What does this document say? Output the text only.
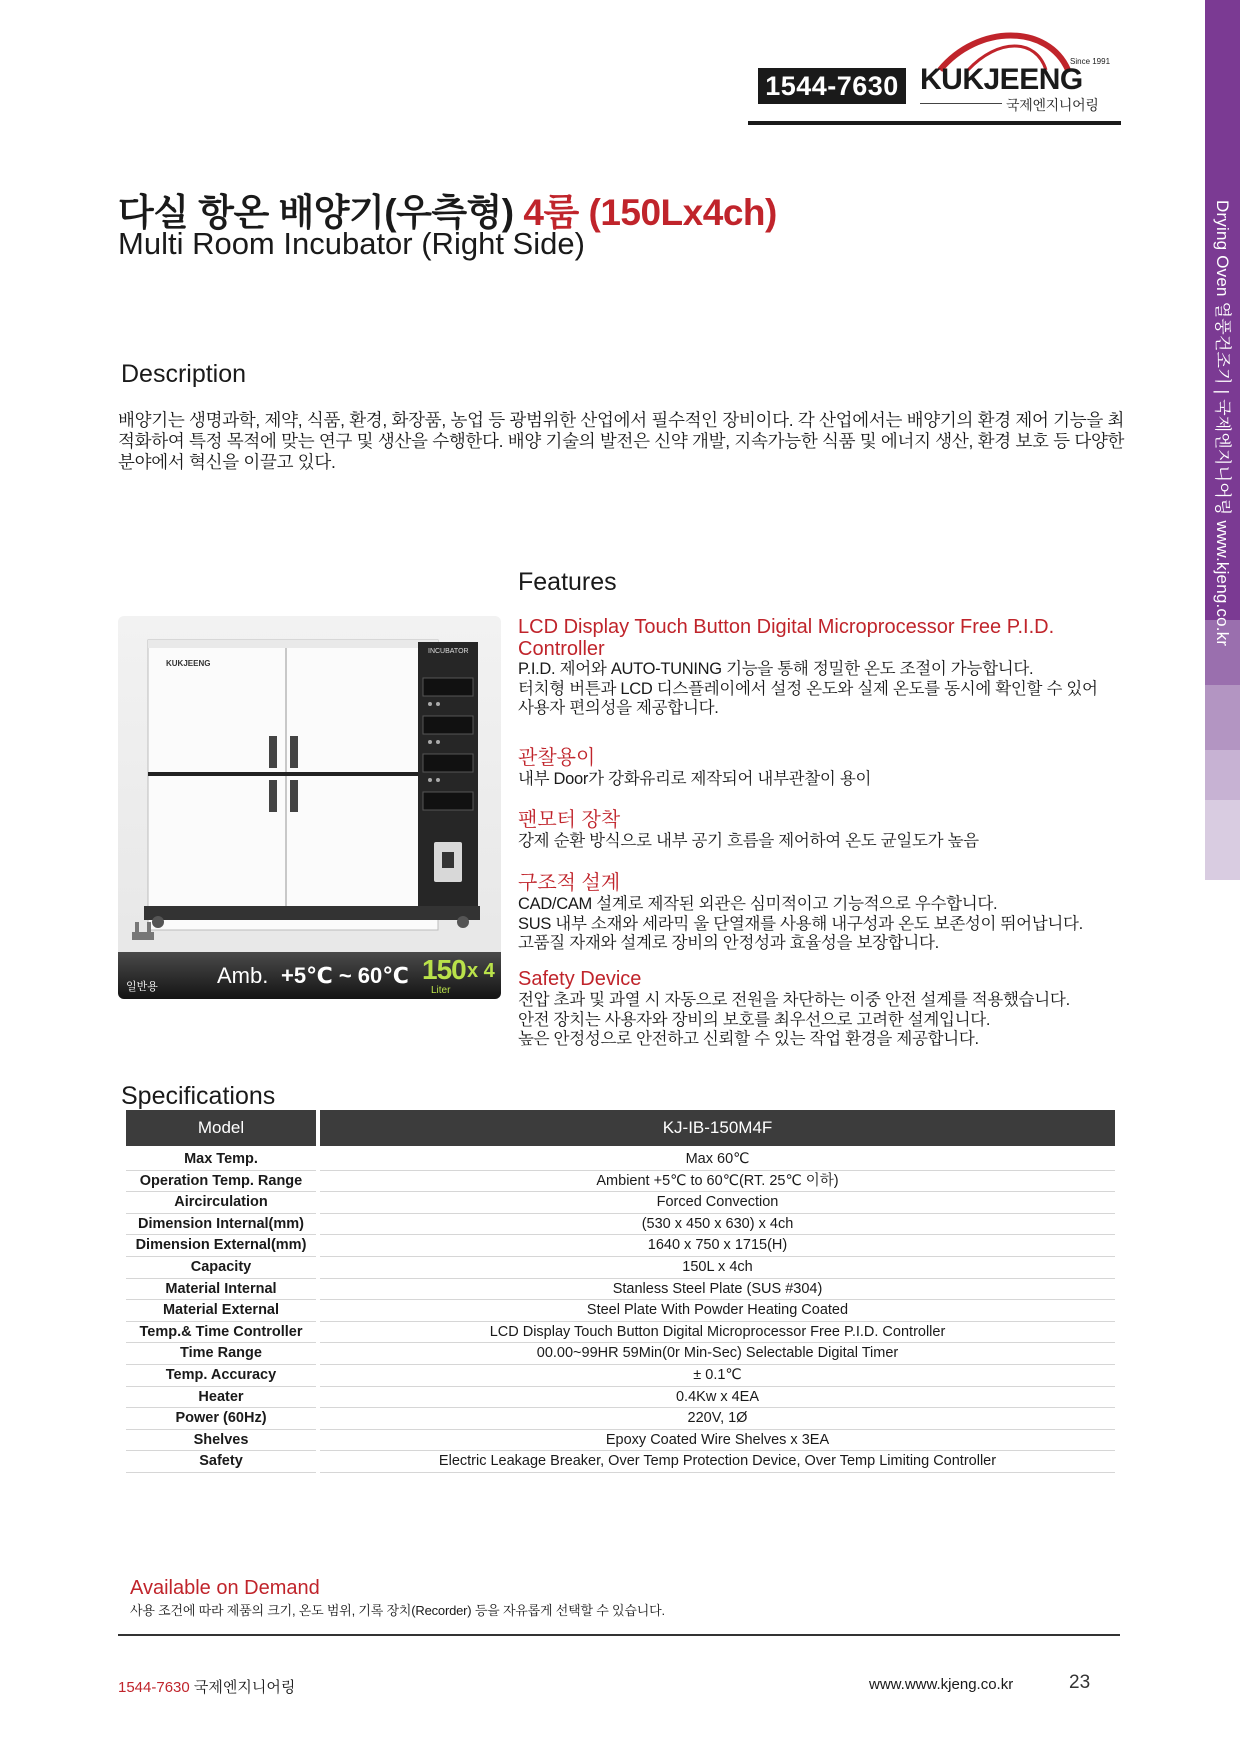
1544-7630
Since 1991
KUKJEENG
국제엔지니어링
Drying Oven 열풍건조기 | 국제엔지니어링 www.kjeng.co.kr
다실 항온 배양기(우측형) 4룸 (150Lx4ch)
Multi Room Incubator (Right Side)
Description
배양기는 생명과학, 제약, 식품, 환경, 화장품, 농업 등 광범위한 산업에서 필수적인 장비이다. 각 산업에서는 배양기의 환경 제어 기능을 최적화하여 특정 목적에 맞는 연구 및 생산을 수행한다. 배양 기술의 발전은 신약 개발, 지속가능한 식품 및 에너지 생산, 환경 보호 등 다양한 분야에서 혁신을 이끌고 있다.
INCUBATOR
KUKJEENG
일반용	Amb. +5℃ ~ 60℃ 150 x 4
Liter
Features
LCD Display Touch Button Digital Microprocessor Free P.I.D. Controller
P.I.D. 제어와 AUTO-TUNING 기능을 통해 정밀한 온도 조절이 가능합니다.
터치형 버튼과 LCD 디스플레이에서 설정 온도와 실제 온도를 동시에 확인할 수 있어
사용자 편의성을 제공합니다.
관찰용이
내부 Door가 강화유리로 제작되어 내부관찰이 용이
팬모터 장착
강제 순환 방식으로 내부 공기 흐름을 제어하여 온도 균일도가 높음
구조적 설계
CAD/CAM 설계로 제작된 외관은 심미적이고 기능적으로 우수합니다.
SUS 내부 소재와 세라믹 울 단열재를 사용해 내구성과 온도 보존성이 뛰어납니다.
고품질 자재와 설계로 장비의 안정성과 효율성을 보장합니다.
Safety Device
전압 초과 및 과열 시 자동으로 전원을 차단하는 이중 안전 설계를 적용했습니다.
안전 장치는 사용자와 장비의 보호를 최우선으로 고려한 설계입니다.
높은 안정성으로 안전하고 신뢰할 수 있는 작업 환경을 제공합니다.
Specifications
Model	KJ-IB-150M4F
Max Temp.	Max 60℃
Operation Temp. Range	Ambient +5℃ to 60℃(RT. 25℃ 이하)
Aircirculation	Forced Convection
Dimension Internal(mm)	(530 x 450 x 630) x 4ch
Dimension External(mm)	1640 x 750 x 1715(H)
Capacity	150L x 4ch
Material Internal	Stanless Steel Plate (SUS #304)
Material External	Steel Plate With Powder Heating Coated
Temp.& Time Controller	LCD Display Touch Button Digital Microprocessor Free P.I.D. Controller
Time Range	00.00~99HR 59Min(0r Min-Sec) Selectable Digital Timer
Temp. Accuracy	± 0.1℃
Heater	0.4Kw x 4EA
Power (60Hz)	220V, 1Ø
Shelves	Epoxy Coated Wire Shelves x 3EA
Safety	Electric Leakage Breaker, Over Temp Protection Device, Over Temp Limiting Controller
Available on Demand
사용 조건에 따라 제품의 크기, 온도 범위, 기록 장치(Recorder) 등을 자유롭게 선택할 수 있습니다.
1544-7630 국제엔지니어링	www.www.kjeng.co.kr	23
